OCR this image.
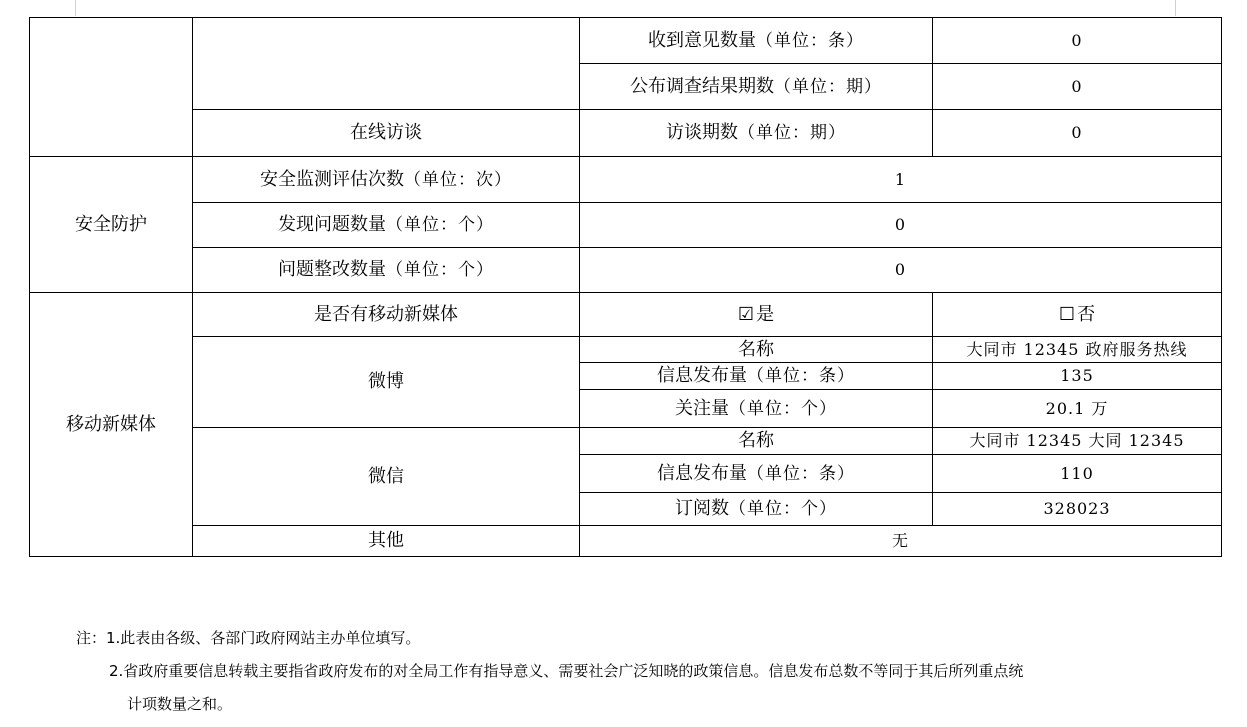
		收到意见数量（单位：条）	0
		公布调查结果期数（单位：期）	0
	在线访谈	访谈期数（单位：期）	0
安全防护	安全监测评估次数（单位：次）	1	
	发现问题数量（单位：个）	0	
	问题整改数量（单位：个）	0	
移动新媒体	是否有移动新媒体	☑ 是	☐ 否
	微博	名称	大同市 12345 政府服务热线
		信息发布量（单位：条）	135
		关注量（单位：个）	20.1 万
	微信	名称	大同市 12345 大同 12345
		信息发布量（单位：条）	110
		订阅数（单位：个）	328023
	其他	无	
注：1.此表由各级、各部门政府网站主办单位填写。
2.省政府重要信息转载主要指省政府发布的对全局工作有指导意义、需要社会广泛知晓的政策信息。信息发布总数不等同于其后所列重点统
计项数量之和。
